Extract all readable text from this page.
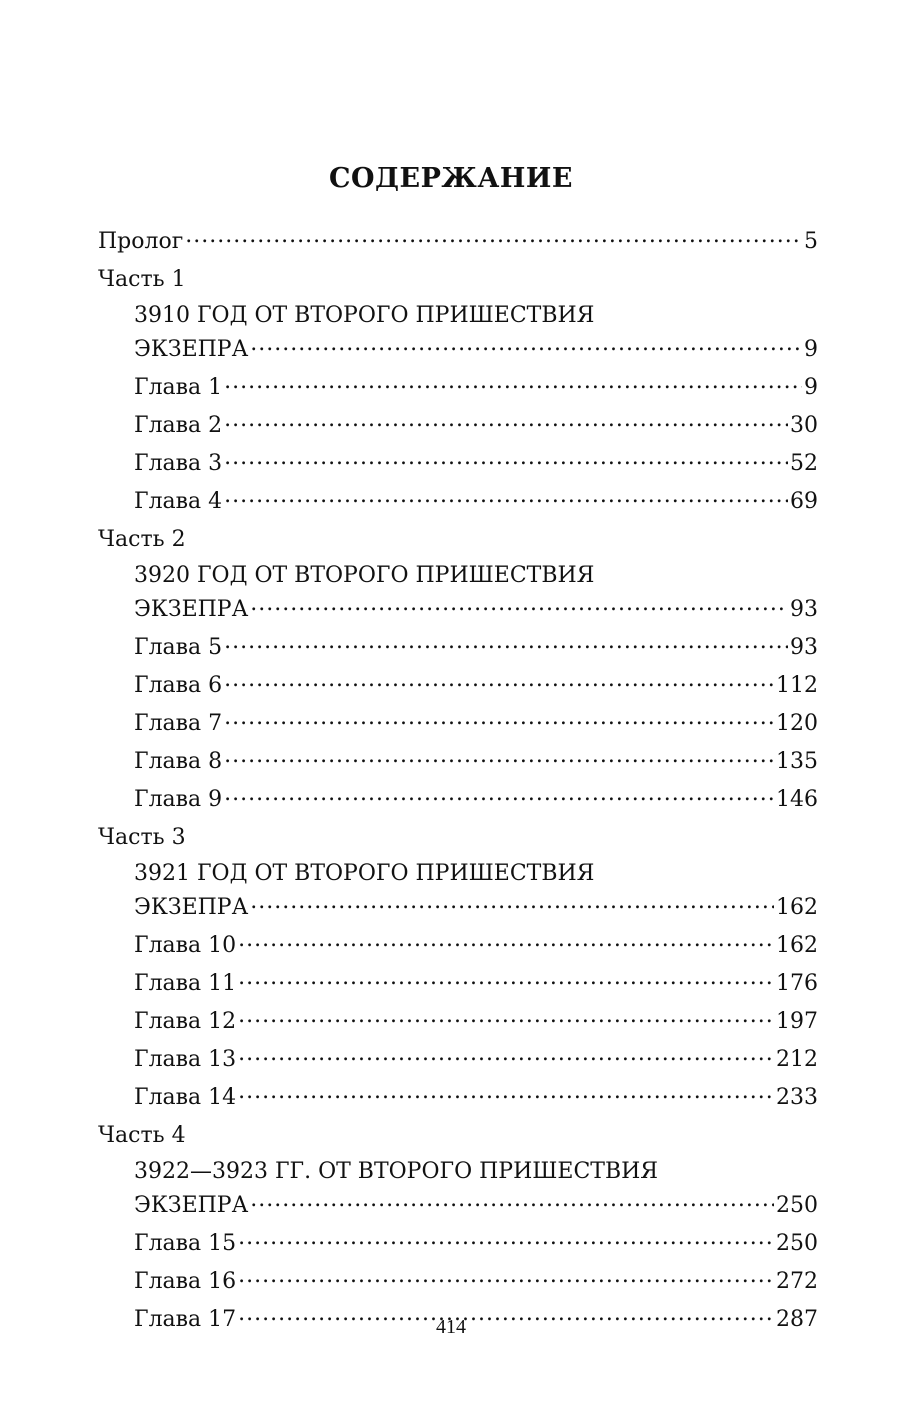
СОДЕРЖАНИЕ
Пролог .....	5
Часть 1
3910 ГОД ОТ ВТОРОГО ПРИШЕСТВИЯ
ЭКЗЕПРА .....	9
Глава 1 .....	9
Глава 2 .....	30
Глава 3 .....	52
Глава 4 .....	69
Часть 2
3920 ГОД ОТ ВТОРОГО ПРИШЕСТВИЯ
ЭКЗЕПРА .....	93
Глава 5 .....	93
Глава 6 .....	112
Глава 7 .....	120
Глава 8 .....	135
Глава 9 .....	146
Часть 3
3921 ГОД ОТ ВТОРОГО ПРИШЕСТВИЯ
ЭКЗЕПРА .....	162
Глава 10 .....	162
Глава 11 .....	176
Глава 12 .....	197
Глава 13 .....	212
Глава 14 .....	233
Часть 4
3922—3923 ГГ. ОТ ВТОРОГО ПРИШЕСТВИЯ
ЭКЗЕПРА .....	250
Глава 15 .....	250
Глава 16 .....	272
Глава 17 .....	287
414
